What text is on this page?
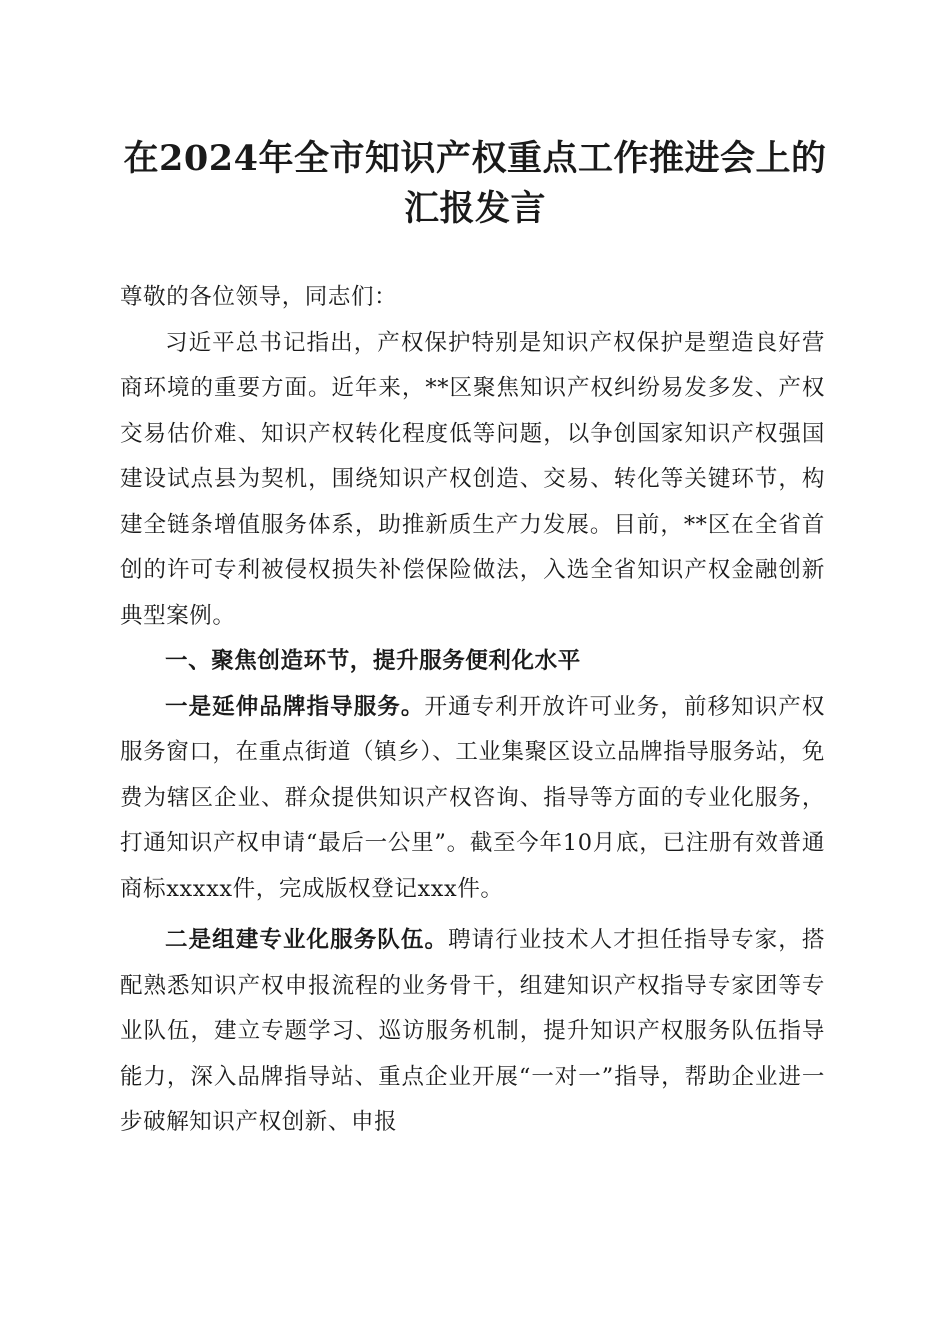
在2024年全市知识产权重点工作推进会上的
汇报发言

尊敬的各位领导，同志们：

习近平总书记指出，产权保护特别是知识产权保护是塑造良好营商环境的重要方面。近年来，**区聚焦知识产权纠纷易发多发、产权交易估价难、知识产权转化程度低等问题，以争创国家知识产权强国建设试点县为契机，围绕知识产权创造、交易、转化等关键环节，构建全链条增值服务体系，助推新质生产力发展。目前，**区在全省首创的许可专利被侵权损失补偿保险做法，入选全省知识产权金融创新典型案例。

一、聚焦创造环节，提升服务便利化水平

一是延伸品牌指导服务。开通专利开放许可业务，前移知识产权服务窗口，在重点街道（镇乡）、工业集聚区设立品牌指导服务站，免费为辖区企业、群众提供知识产权咨询、指导等方面的专业化服务，打通知识产权申请“最后一公里”。截至今年10月底，已注册有效普通商标xxxxx件，完成版权登记xxx件。

二是组建专业化服务队伍。聘请行业技术人才担任指导专家，搭配熟悉知识产权申报流程的业务骨干，组建知识产权指导专家团等专业队伍，建立专题学习、巡访服务机制，提升知识产权服务队伍指导能力，深入品牌指导站、重点企业开展“一对一”指导，帮助企业进一步破解知识产权创新、申报
